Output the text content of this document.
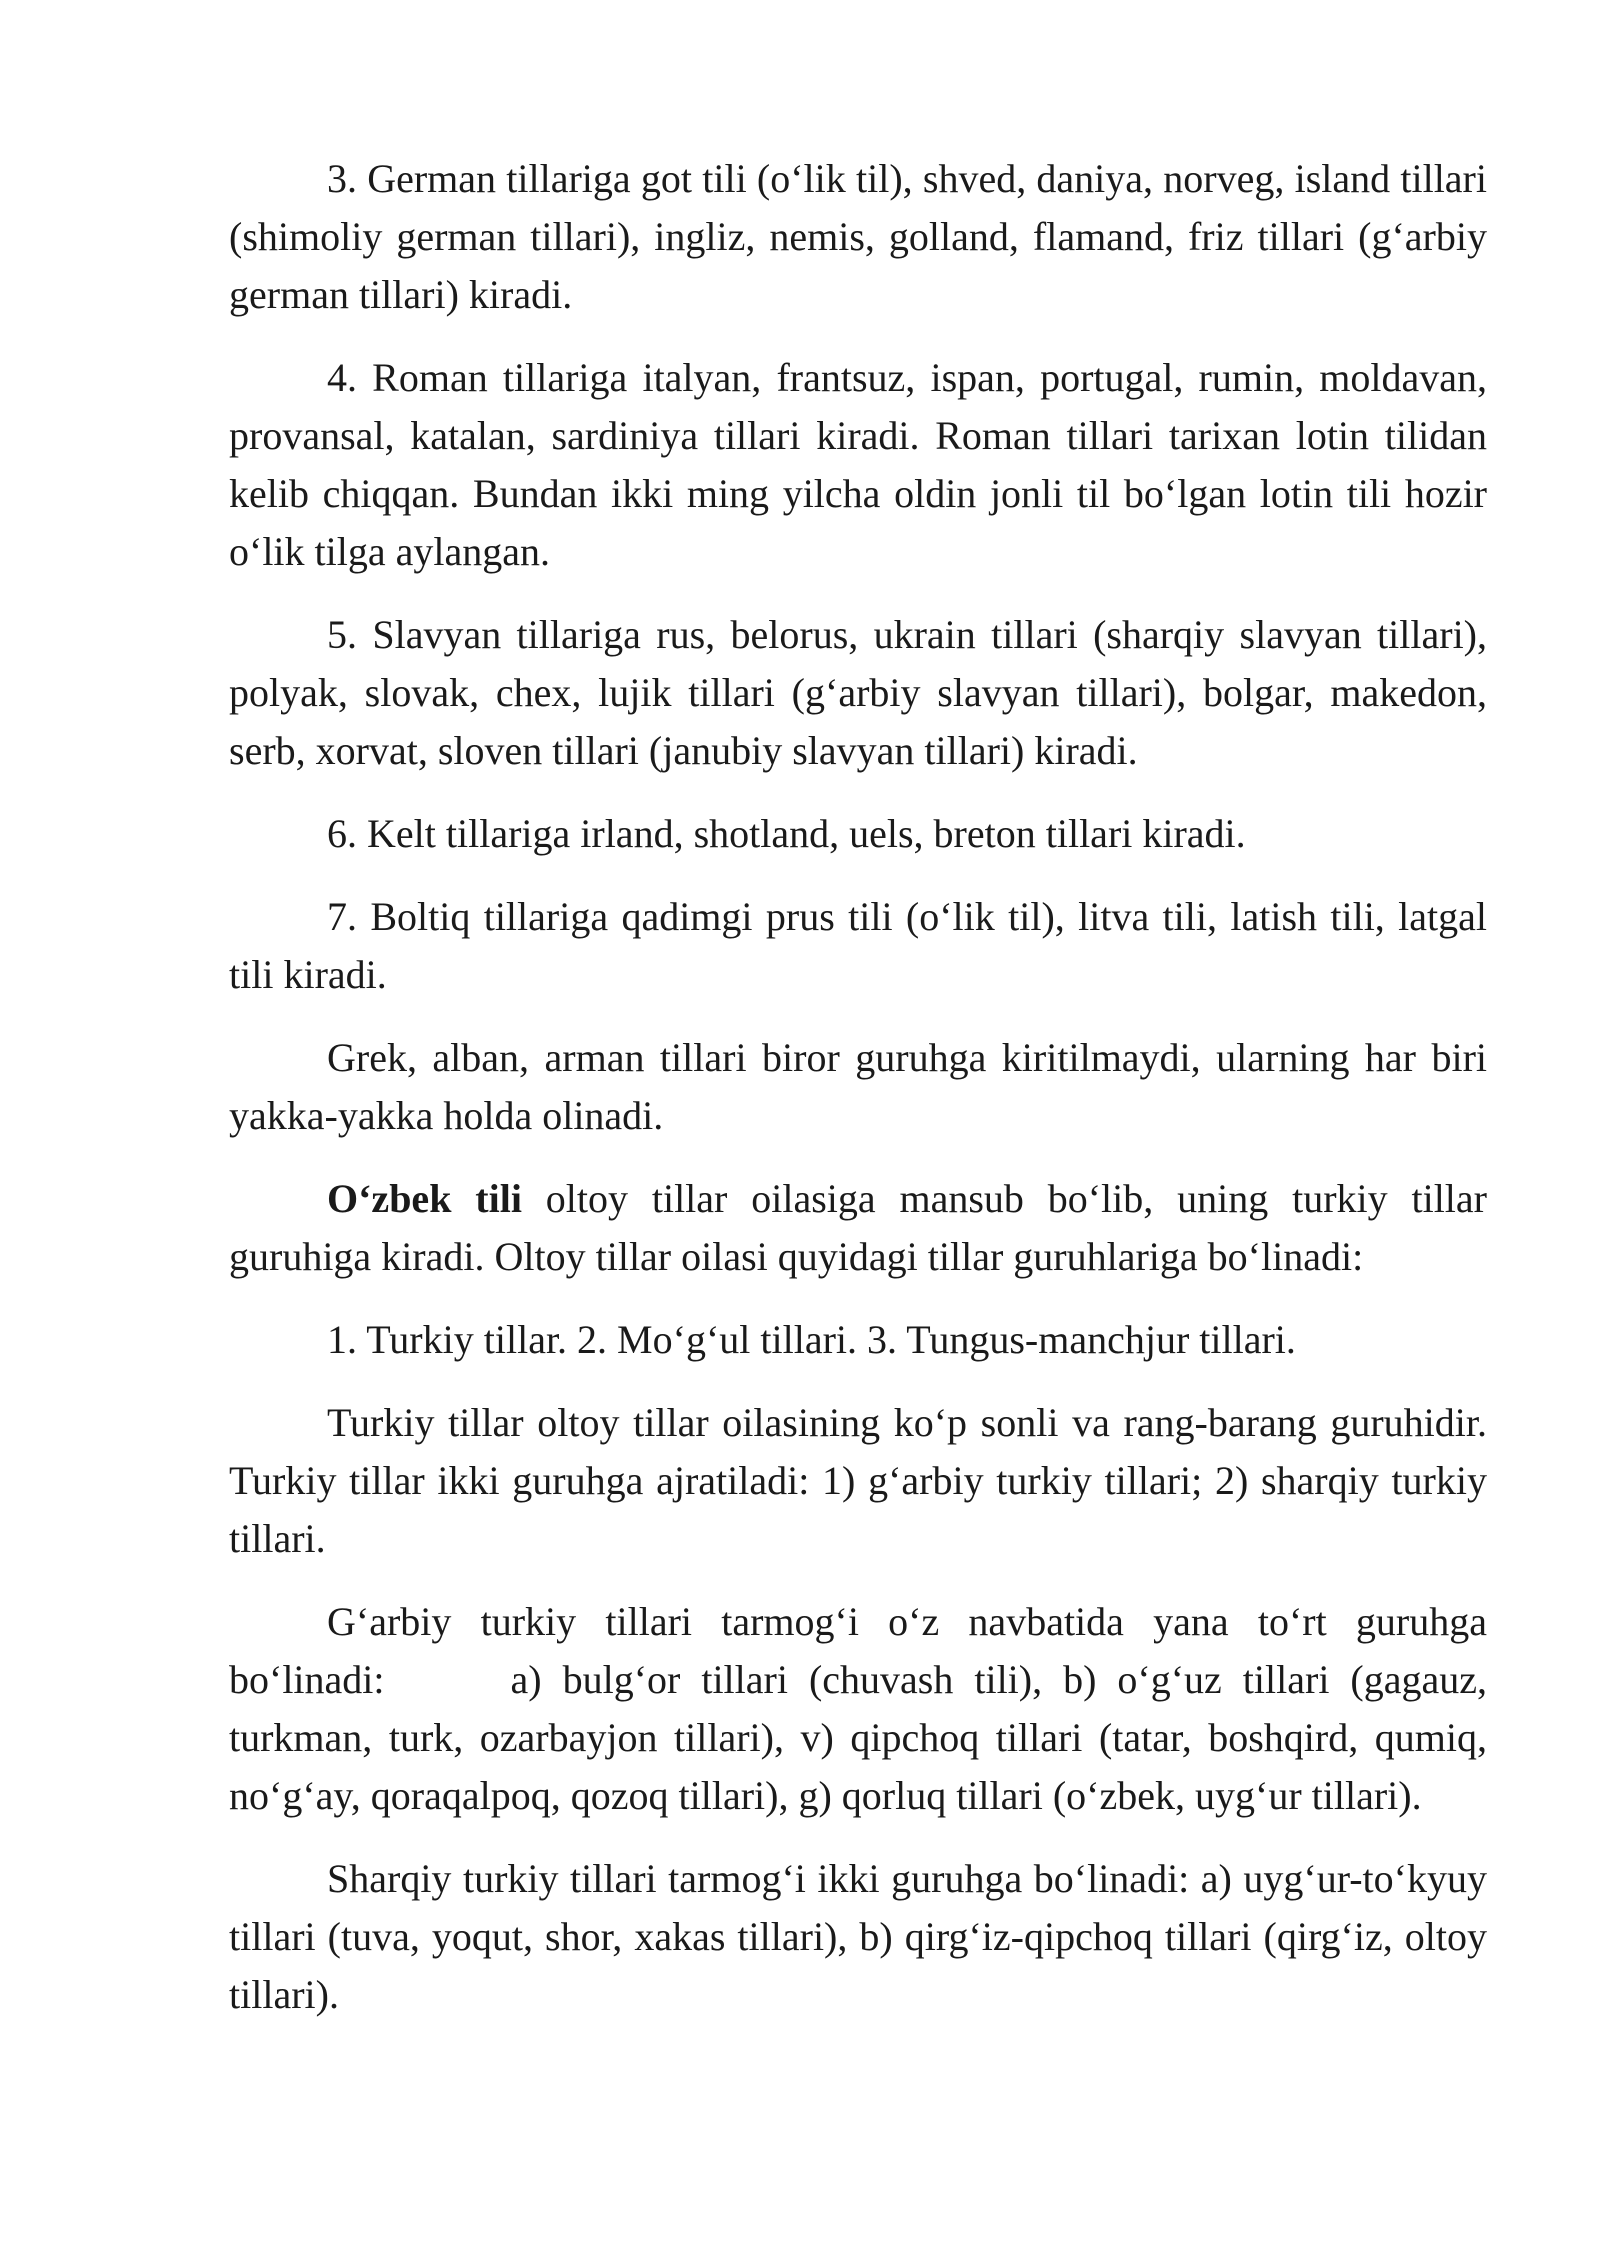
3. German tillariga got tili (o‘lik til), shved, daniya, norveg, island tillari (shimoliy german tillari), ingliz, nemis, golland, flamand, friz tillari (g‘arbiy german tillari) kiradi.

4. Roman tillariga italyan, frantsuz, ispan, portugal, rumin, moldavan, provansal, katalan, sardiniya tillari kiradi. Roman tillari tarixan lotin tilidan kelib chiqqan. Bundan ikki ming yilcha oldin jonli til bo‘lgan lotin tili hozir o‘lik tilga aylangan.

5. Slavyan tillariga rus, belorus, ukrain tillari (sharqiy slavyan tillari), polyak, slovak, chex, lujik tillari (g‘arbiy slavyan tillari), bolgar, makedon, serb, xorvat, sloven tillari (janubiy slavyan tillari) kiradi.

6. Kelt tillariga irland, shotland, uels, breton tillari kiradi.

7. Boltiq tillariga qadimgi prus tili (o‘lik til), litva tili, latish tili, latgal tili kiradi.

Grek, alban, arman tillari biror guruhga kiritilmaydi, ularning har biri yakka-yakka holda olinadi.

O‘zbek tili oltoy tillar oilasiga mansub bo‘lib, uning turkiy tillar guruhiga kiradi. Oltoy tillar oilasi quyidagi tillar guruhlariga bo‘linadi:

1. Turkiy tillar. 2. Mo‘g‘ul tillari. 3. Tungus-manchjur tillari.

Turkiy tillar oltoy tillar oilasining ko‘p sonli va rang-barang guruhidir. Turkiy tillar ikki guruhga ajratiladi: 1) g‘arbiy turkiy tillari; 2) sharqiy turkiy tillari.

G‘arbiy turkiy tillari tarmog‘i o‘z navbatida yana to‘rt guruhga bo‘linadi:	a) bulg‘or tillari (chuvash tili), b) o‘g‘uz tillari (gagauz, turkman, turk, ozarbayjon tillari), v) qipchoq tillari (tatar, boshqird, qumiq, no‘g‘ay, qoraqalpoq, qozoq tillari), g) qorluq tillari (o‘zbek, uyg‘ur tillari).

Sharqiy turkiy tillari tarmog‘i ikki guruhga bo‘linadi: a) uyg‘ur-to‘kyuy tillari (tuva, yoqut, shor, xakas tillari), b) qirg‘iz-qipchoq tillari (qirg‘iz, oltoy tillari).
